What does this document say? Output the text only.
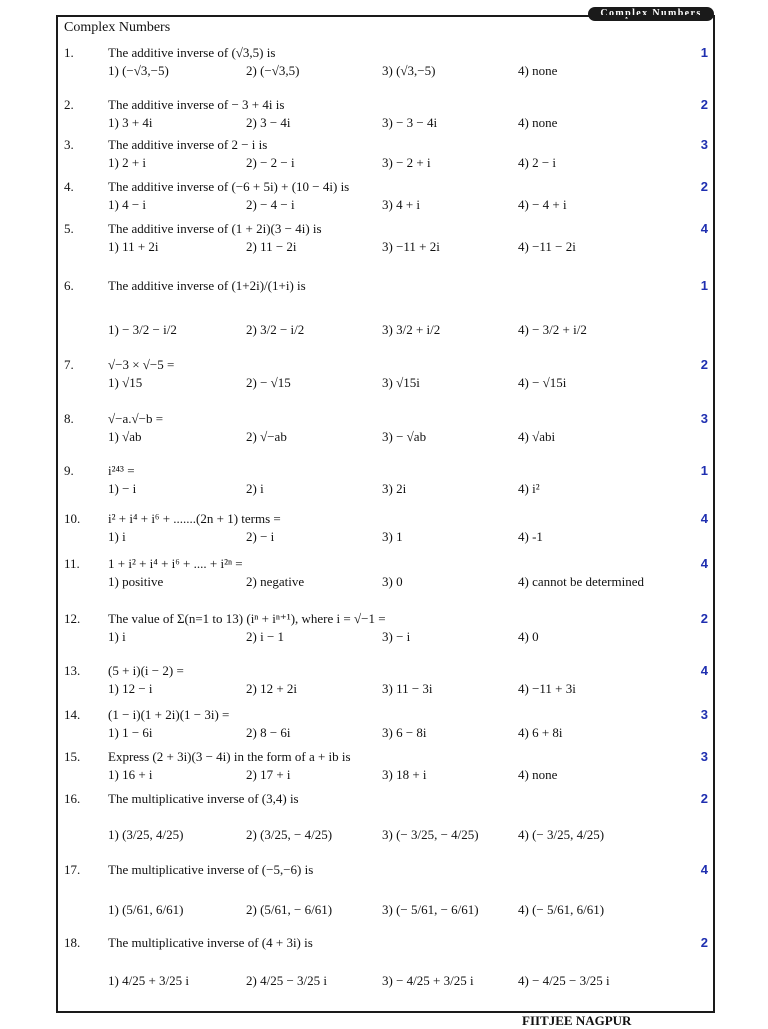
Complex Numbers
Complex Numbers
1.	The additive inverse of (√3,5) is	1
1) (−√3,−5)	2) (−√3,5)	3) (√3,−5)	4) none
2.	The additive inverse of − 3 + 4i is	2
1) 3 + 4i	2) 3 − 4i	3) − 3 − 4i	4) none
3.	The additive inverse of 2 − i is	3
1) 2 + i	2) − 2 − i	3) − 2 + i	4) 2 − i
4.	The additive inverse of (−6 + 5i) + (10 − 4i) is	2
1) 4 − i	2) − 4 − i	3) 4 + i	4) − 4 + i
5.	The additive inverse of (1 + 2i)(3 − 4i) is	4
1) 11 + 2i	2) 11 − 2i	3) −11 + 2i	4) −11 − 2i
6.	The additive inverse of (1+2i)/(1+i) is	1
1) − 3/2 − i/2	2) 3/2 − i/2	3) 3/2 + i/2	4) − 3/2 + i/2
7.	√−3 × √−5 =	2
1) √15	2) − √15	3) √15i	4) − √15i
8.	√−a.√−b =	3
1) √ab	2) √−ab	3) − √ab	4) √abi
9.	i²⁴³ =	1
1) − i	2) i	3) 2i	4) i²
10. i² + i⁴ + i⁶ + .......(2n + 1) terms =	4
1) i	2) − i	3) 1	4) -1
11. 1 + i² + i⁴ + i⁶ + .... + i²ⁿ =	4
1) positive	2) negative	3) 0	4) cannot be determined
12. The value of Σ(n=1 to 13) (iⁿ + iⁿ⁺¹), where i = √−1 =	2
1) i	2) i − 1	3) − i	4) 0
13. (5 + i)(i − 2) =	4
1) 12 − i	2) 12 + 2i	3) 11 − 3i	4) −11 + 3i
14. (1 − i)(1 + 2i)(1 − 3i) =	3
1) 1 − 6i	2) 8 − 6i	3) 6 − 8i	4) 6 + 8i
15. Express (2 + 3i)(3 − 4i) in the form of a + ib is	3
1) 16 + i	2) 17 + i	3) 18 + i	4) none
16. The multiplicative inverse of (3,4) is	2
1) (3/25, 4/25)	2) (3/25, − 4/25)	3) (− 3/25, − 4/25)	4) (− 3/25, 4/25)
17. The multiplicative inverse of (−5,−6) is	4
1) (5/61, 6/61)	2) (5/61, − 6/61)	3) (− 5/61, − 6/61)	4) (− 5/61, 6/61)
18. The multiplicative inverse of (4 + 3i) is	2
1) 4/25 + 3/25 i	2) 4/25 − 3/25 i	3) − 4/25 + 3/25 i	4) − 4/25 − 3/25 i
FIITJEE NAGPUR
